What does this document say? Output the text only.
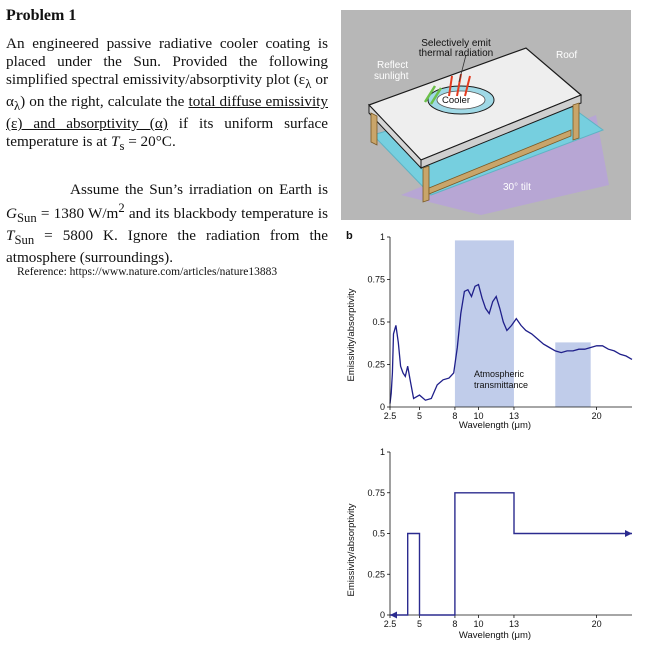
Problem 1
An engineered passive radiative cooler coating is placed under the Sun. Provided the following simplified spectral emissivity/absorptivity plot ($\varepsilon_\lambda$ or $\alpha_\lambda$) on the right, calculate the total diffuse emissivity (ε) and absorptivity (α) if its uniform surface temperature is at $T_s = 20^\circ C$.
Assume the Sun’s irradiation on Earth is $G_{Sun} = 1380$ $W/m^2$ and its blackbody temperature is $T_{Sun} = 5800$ K. Ignore the radiation from the atmosphere (surroundings).
Reference: https://www.nature.com/articles/nature13883
Selectively emit
thermal radiation	Roof
Reflect
sunlight
Cooler
30° tilt
b
2.5 5	8 10	13	20
0
0.25
0.5
0.75
1
Atmospheric
transmittance
Wavelength (μm)
Emissivity/absorptivity
2.5 5	8 10	13	20
0
0.25
0.5
0.75
1
Wavelength (μm)
Emissivity/absorptivity
